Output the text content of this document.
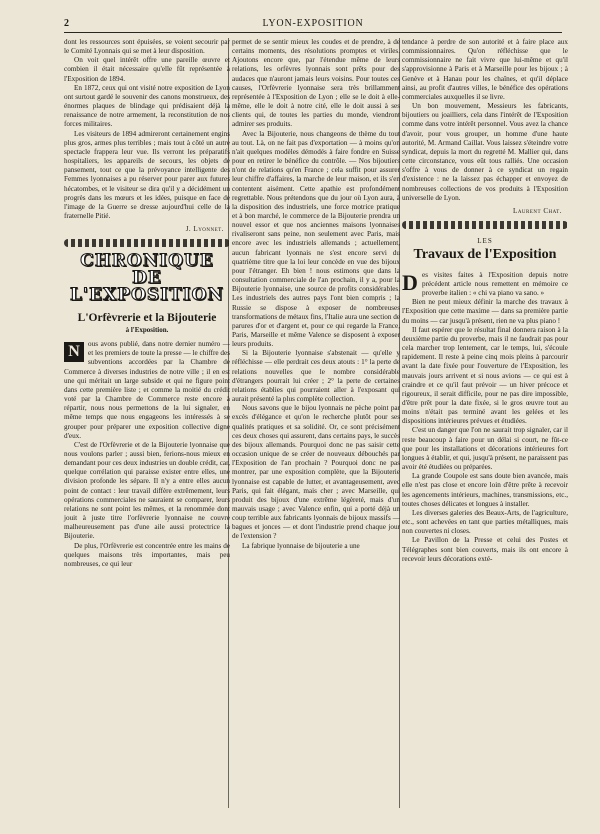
2	LYON-EXPOSITION

dont les ressources sont épuisées, se voient secourir par le Comité Lyonnais qui se met à leur disposition.

On voit quel intérêt offre une pareille œuvre et combien il était nécessaire qu'elle fût représentée à l'Exposition de 1894.

En 1872, ceux qui ont visité notre exposition de Lyon ont surtout gardé le souvenir des canons monstrueux, des énormes plaques de blindage qui prédisaient déjà la renaissance de notre armement, la reconstitution de nos forces militaires.

Les visiteurs de 1894 admireront certainement engins plus gros, armes plus terribles ; mais tout à côté un autre spectacle frappera leur vue. Ils verront les préparatifs hospitaliers, les appareils de secours, les objets de pansement, tout ce que la prévoyance intelligente des Femmes lyonnaises a pu réserver pour parer aux futures hécatombes, et le visiteur se dira qu'il y a décidément un progrès dans les mœurs et les idées, puisque en face de l'image de la Guerre se dresse aujourd'hui celle de la fraternelle Pitié.

J. Lyonnet.
CHRONIQUE DE L'EXPOSITION
L'Orfèvrerie et la Bijouterie
à l'Exposition.

N	ous avons publié, dans notre dernier numéro — et les premiers de toute la presse — le chiffre des subventions accordées par la Chambre de Commerce à diverses industries de notre ville ; il en est une qui méritait un large subside et qui ne figure point dans cette première liste ; et comme la moitié du crédit voté par la Chambre de Commerce reste encore à répartir, nous nous permettons de la lui signaler, en même temps que nous engageons les intéressés à se grouper pour préparer une exposition collective digne d'eux.

C'est de l'Orfèvrerie et de la Bijouterie lyonnaise que nous voulons parler ; aussi bien, ferions-nous mieux en demandant pour ces deux industries un double crédit, car, quelque corrélation qui paraisse exister entre elles, une division profonde les sépare. Il n'y a entre elles aucun point de contact : leur travail diffère extrêmement, leurs opérations commerciales ne sauraient se comparer, leurs relations ne sont point les mêmes, et la renommée dont jouit à juste titre l'orfèvrerie lyonnaise ne couvre malheureusement pas d'une aile aussi protectrice la Bijouterie.

De plus, l'Orfèvrerie est concentrée entre les mains de quelques maisons très importantes, mais peu nombreuses, ce qui leur

permet de se sentir mieux les coudes et de prendre, à de certains moments, des résolutions promptes et viriles. Ajoutons encore que, par l'étendue même de leurs relations, les orfèvres lyonnais sont prêts pour des audaces que n'auront jamais leurs voisins. Pour toutes ces causes, l'Orfèvrerie lyonnaise sera très brillamment représentée à l'Exposition de Lyon ; elle se le doit à elle-même, elle le doit à notre cité, elle le doit aussi à ses clients qui, de toutes les parties du monde, viendront admirer ses produits.

Avec la Bijouterie, nous changeons de thème du tout au tout. Là, on ne fait pas d'exportation — à moins qu'on n'ait quelques modèles démodés à faire fondre en Suisse pour en retirer le bénéfice du contrôle. — Nos bijoutiers n'ont de relations qu'en France ; cela suffit pour assurer leur chiffre d'affaires, la marche de leur maison, et ils s'en contentent aisément. Cette apathie est profondément regrettable. Nous prétendons que du jour où Lyon aura, à la disposition des industriels, une force motrice pratique et à bon marché, le commerce de la Bijouterie prendra un nouvel essor et que nos anciennes maisons lyonnaises rivaliseront sans peine, non seulement avec Paris, mais encore avec les industriels allemands ; actuellement, aucun fabricant lyonnais ne s'est encore servi du quatrième titre que la loi leur concède en vue des bijoux pour l'étranger. Eh bien ! nous estimons que dans la consultation commerciale de l'an prochain, il y a, pour la Bijouterie lyonnaise, une source de profits considérables. Les industriels des autres pays l'ont bien compris ; la Russie se dispose à exposer de nombreuses transformations de métaux fins, l'Italie aura une section de parures d'or et d'argent et, pour ce qui regarde la France, Paris, Marseille et même Valence se disposent à exposer leurs produits.

Si la Bijouterie lyonnaise s'abstenait — qu'elle y réfléchisse — elle perdrait ces deux atouts : 1° la perte de relations nouvelles que le nombre considérable d'étrangers pourrait lui créer ; 2° la perte de certaines relations établies qui pourraient aller à l'exposant qui aurait présenté la plus complète collection.

Nous savons que le bijou lyonnais ne pèche point par excès d'élégance et qu'on le recherche plutôt pour ses qualités pratiques et sa solidité. Or, ce sont précisément ces deux choses qui assurent, dans certains pays, le succès des bijoux allemands. Pourquoi donc ne pas saisir cette occasion unique de se créer de nouveaux débouchés par l'Exposition de l'an prochain ? Pourquoi donc ne pas montrer, par une exposition complète, que la Bijouterie lyonnaise est capable de lutter, et avantageusement, avec Paris, qui fait élégant, mais cher ; avec Marseille, qui produit des bijoux d'une extrême légèreté, mais d'un mauvais usage ; avec Valence enfin, qui a porté déjà un coup terrible aux fabricants lyonnais de bijoux massifs — bagues et jonces — et dont l'industrie prend chaque jour de l'extension ?

La fabrique lyonnaise de bijouterie a une

tendance à perdre de son autorité et à faire place aux commissionnaires. Qu'on réfléchisse que le commissionnaire ne fait vivre que lui-même et qu'il s'approvisionne à Paris et à Marseille pour les bijoux ; à Genève et à Hanau pour les chaînes, et qu'il déplace ainsi, au profit d'autres villes, le bénéfice des opérations commerciales auxquelles il se livre.

Un bon mouvement, Messieurs les fabricants, bijoutiers ou joailliers, cela dans l'intérêt de l'Exposition comme dans votre intérêt personnel. Vous avez la chance d'avoir, pour vous grouper, un homme d'une haute autorité, M. Armand Caillat. Vous laissez s'éteindre votre syndicat, depuis la mort du regretté M. Mallier qui, dans cette circonstance, vous eût tous ralliés. Une occasion s'offre à vous de donner à ce syndicat un regain d'existence : ne la laissez pas échapper et envoyez de nombreuses collections de vos produits à l'Exposition universelle de Lyon.

Laurent Chat.
LES
Travaux de l'Exposition

Des visites faites à l'Exposition depuis notre précédent article nous remettent en mémoire ce proverbe italien : « chi va piano va sano. »

Bien ne peut mieux définir la marche des travaux à l'Exposition que cette maxime — dans sa première partie du moins — car jusqu'à présent, rien ne va plus piano !

Il faut espérer que le résultat final donnera raison à la deuxième partie du proverbe, mais il ne faudrait pas pour cela marcher trop lentement, car le temps, lui, s'écoule rapidement. Il reste à peine cinq mois pleins à parcourir avant la date fixée pour l'ouverture de l'Exposition, les mauvais jours arrivent et si nous avions — ce qui est à craindre et ce qu'il faut prévoir — un hiver précoce et rigoureux, il serait difficile, pour ne pas dire impossible, d'être prêt pour la date fixée, si le gros œuvre tout au moins n'était pas terminé avant les gelées et les dispositions intérieures prévues et étudiées.

C'est un danger que l'on ne saurait trop signaler, car il reste beaucoup à faire pour un délai si court, ne fût-ce que pour les installations et décorations intérieures fort longues à établir, et qui, jusqu'à présent, ne paraissent pas avoir été étudiées ou préparées.

La grande Coupole est sans doute bien avancée, mais elle n'est pas close et encore loin d'être prête à recevoir les agencements intérieurs, machines, transmissions, etc., toutes choses délicates et longues à installer.

Les diverses galeries des Beaux-Arts, de l'agriculture, etc., sont achevées en tant que parties métalliques, mais non couvertes ni closes.

Le Pavillon de la Presse et celui des Postes et Télégraphes sont bien couverts, mais ils ont encore à recevoir leurs décorations exté-
